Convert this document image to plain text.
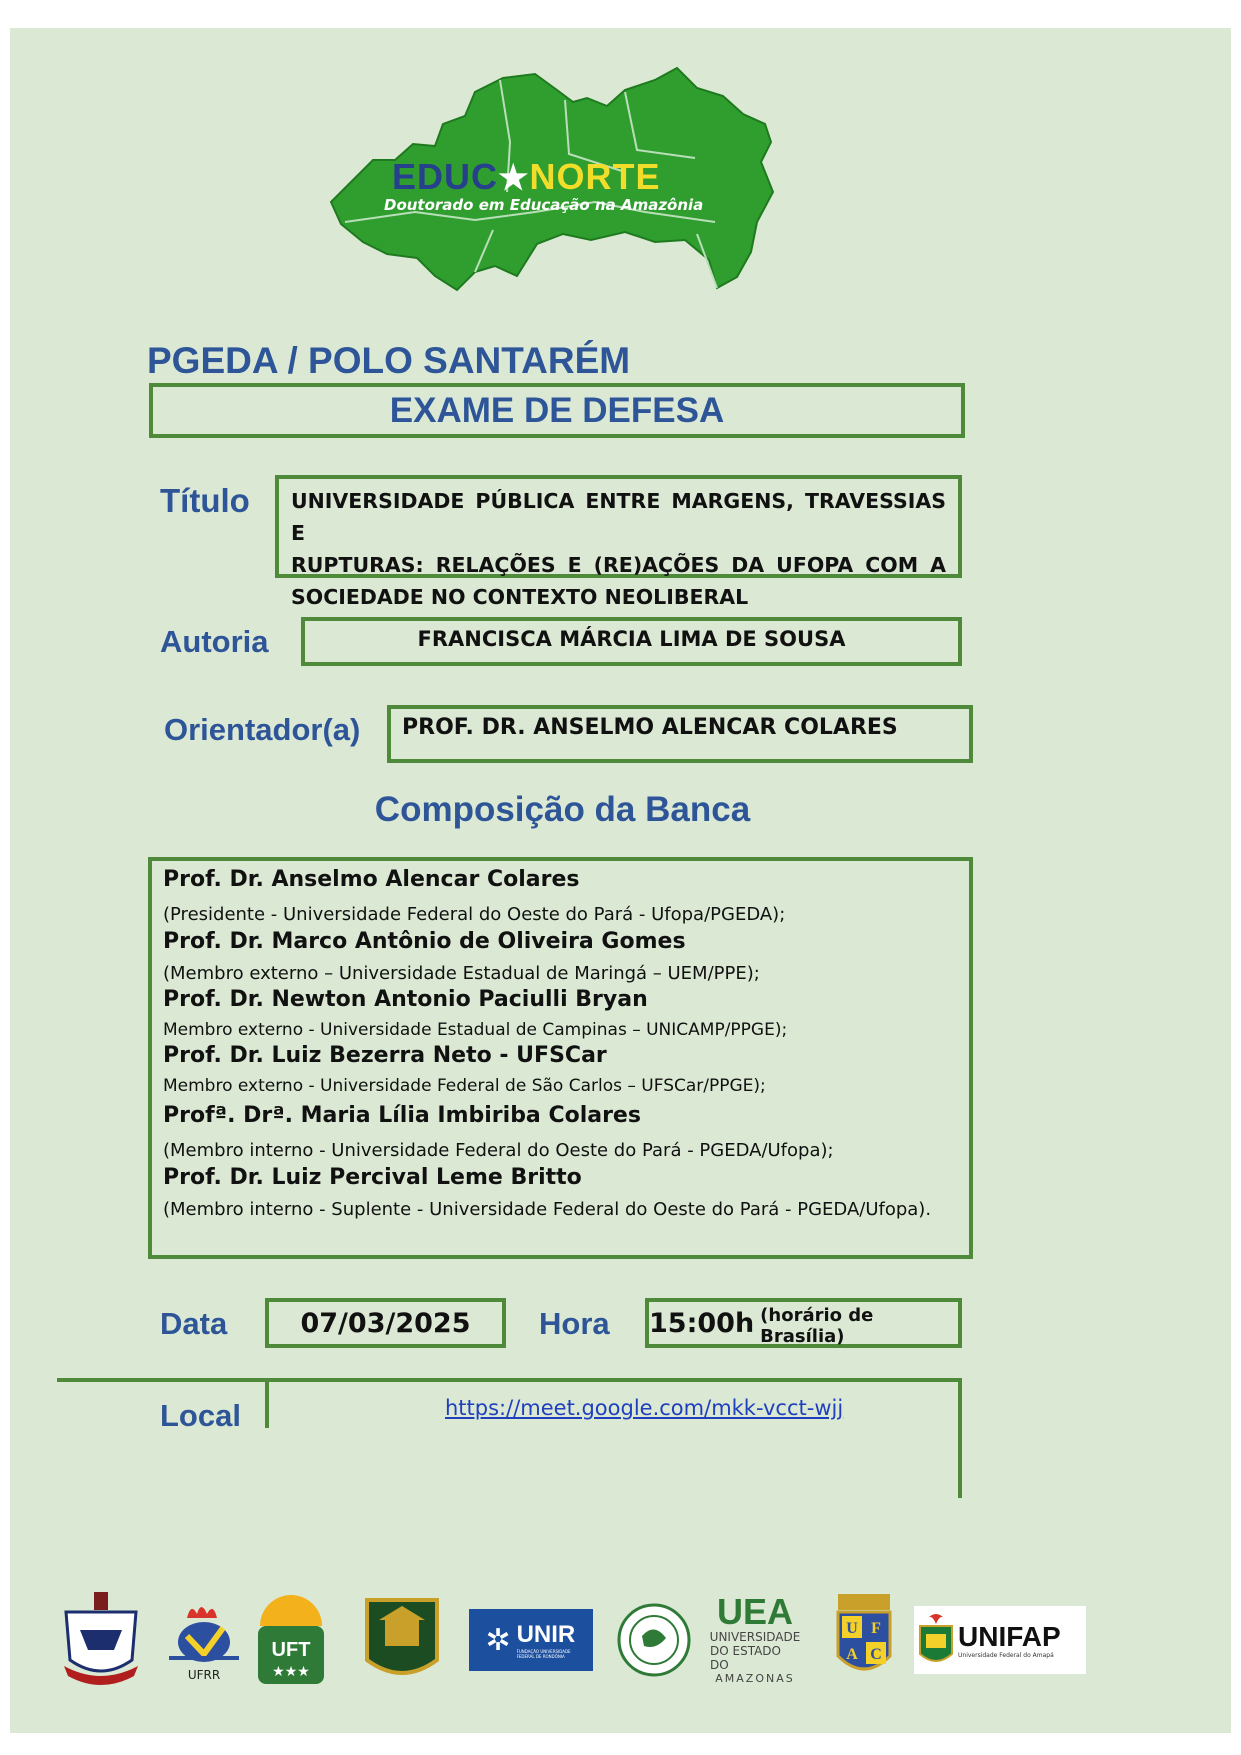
EDUC★NORTE
Doutorado em Educação na Amazônia
PGEDA / POLO SANTARÉM
EXAME DE DEFESA
Título UNIVERSIDADE PÚBLICA ENTRE MARGENS, TRAVESSIAS E
RUPTURAS: RELAÇÕES E (RE)AÇÕES DA UFOPA COM A
SOCIEDADE NO CONTEXTO NEOLIBERAL
Autoria	FRANCISCA MÁRCIA LIMA DE SOUSA
Orientador(a) PROF. DR. ANSELMO ALENCAR COLARES
Composição da Banca
Prof. Dr. Anselmo Alencar Colares
(Presidente - Universidade Federal do Oeste do Pará - Ufopa/PGEDA);
Prof. Dr. Marco Antônio de Oliveira Gomes
(Membro externo – Universidade Estadual de Maringá – UEM/PPE);
Prof. Dr. Newton Antonio Paciulli Bryan
Membro externo - Universidade Estadual de Campinas – UNICAMP/PPGE);
Prof. Dr. Luiz Bezerra Neto - UFSCar
Membro externo - Universidade Federal de São Carlos – UFSCar/PPGE);
Profª. Drª. Maria Lília Imbiriba Colares
(Membro interno - Universidade Federal do Oeste do Pará - PGEDA/Ufopa);
Prof. Dr. Luiz Percival Leme Britto
(Membro interno - Suplente - Universidade Federal do Oeste do Pará - PGEDA/Ufopa).
Data	07/03/2025 Hora 15:00h (horário de Brasília)
Local	https://meet.google.com/mkk-vcct-wjj
UFRR
UFT
★★★
✲ UNIR
FUNDAÇÃO UNIVERSIDADE FEDERAL DE RONDÔNIA
UEA
UNIVERSIDADE
DO ESTADO DO
AMAZONAS
U F
A C
UNIFAP
Universidade Federal do Amapá
